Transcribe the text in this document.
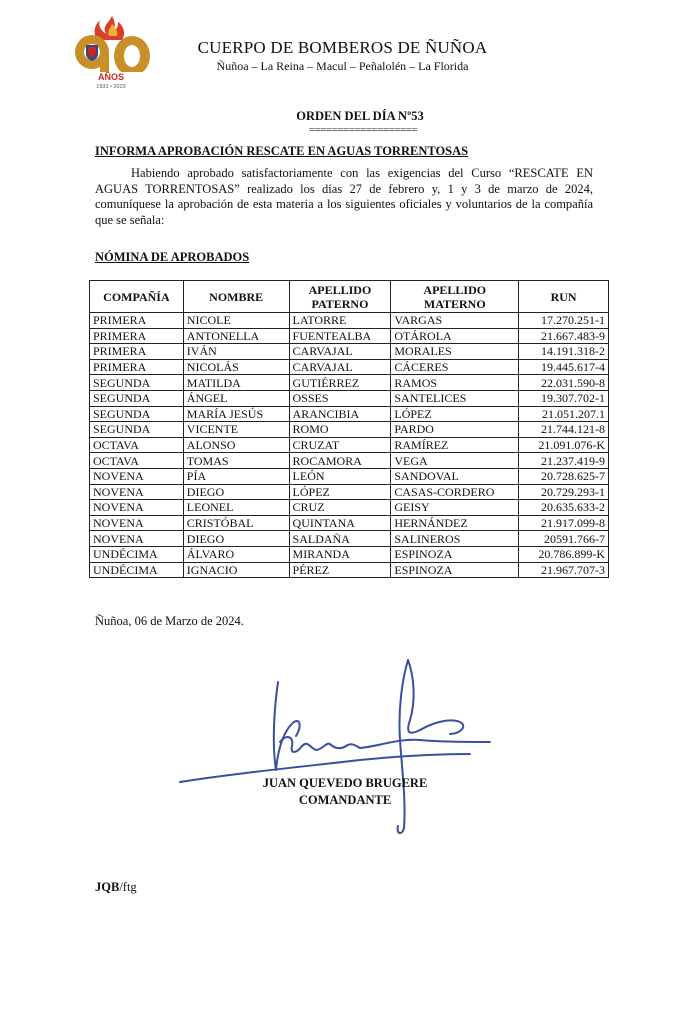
90
AÑOS
1933 • 2023
CUERPO DE BOMBEROS DE ÑUÑOA
Ñuñoa – La Reina – Macul – Peñalolén – La Florida
ORDEN DEL DÍA Nº53
===================
INFORMA APROBACIÓN RESCATE EN AGUAS TORRENTOSAS
Habiendo aprobado satisfactoriamente con las exigencias del Curso “RESCATE EN AGUAS TORRENTOSAS” realizado los días 27 de febrero y, 1 y 3 de marzo de 2024, comuníquese la aprobación de esta materia a los siguientes oficiales y voluntarios de la compañía que se señala:
NÓMINA DE APROBADOS
COMPAÑÍA	NOMBRE	APELLIDO PATERNO	APELLIDO MATERNO	RUN
PRIMERA	NICOLE	LATORRE	VARGAS	17.270.251-1
PRIMERA	ANTONELLA	FUENTEALBA	OTÁROLA	21.667.483-9
PRIMERA	IVÁN	CARVAJAL	MORALES	14.191.318-2
PRIMERA	NICOLÁS	CARVAJAL	CÁCERES	19.445.617-4
SEGUNDA	MATILDA	GUTIÉRREZ	RAMOS	22.031.590-8
SEGUNDA	ÁNGEL	OSSES	SANTELICES	19.307.702-1
SEGUNDA	MARÍA JESÚS	ARANCIBIA	LÓPEZ	21.051.207.1
SEGUNDA	VICENTE	ROMO	PARDO	21.744.121-8
OCTAVA	ALONSO	CRUZAT	RAMÍREZ	21.091.076-K
OCTAVA	TOMAS	ROCAMORA	VEGA	21.237.419-9
NOVENA	PÍA	LEÓN	SANDOVAL	20.728.625-7
NOVENA	DIEGO	LÓPEZ	CASAS-CORDERO	20.729.293-1
NOVENA	LEONEL	CRUZ	GEISY	20.635.633-2
NOVENA	CRISTÓBAL	QUINTANA	HERNÁNDEZ	21.917.099-8
NOVENA	DIEGO	SALDAÑA	SALINEROS	20591.766-7
UNDÉCIMA	ÁLVARO	MIRANDA	ESPINOZA	20.786.899-K
UNDÉCIMA	IGNACIO	PÉREZ	ESPINOZA	21.967.707-3
Ñuñoa, 06 de Marzo de 2024.
JUAN QUEVEDO BRUGERE
COMANDANTE
JQB/ftg
